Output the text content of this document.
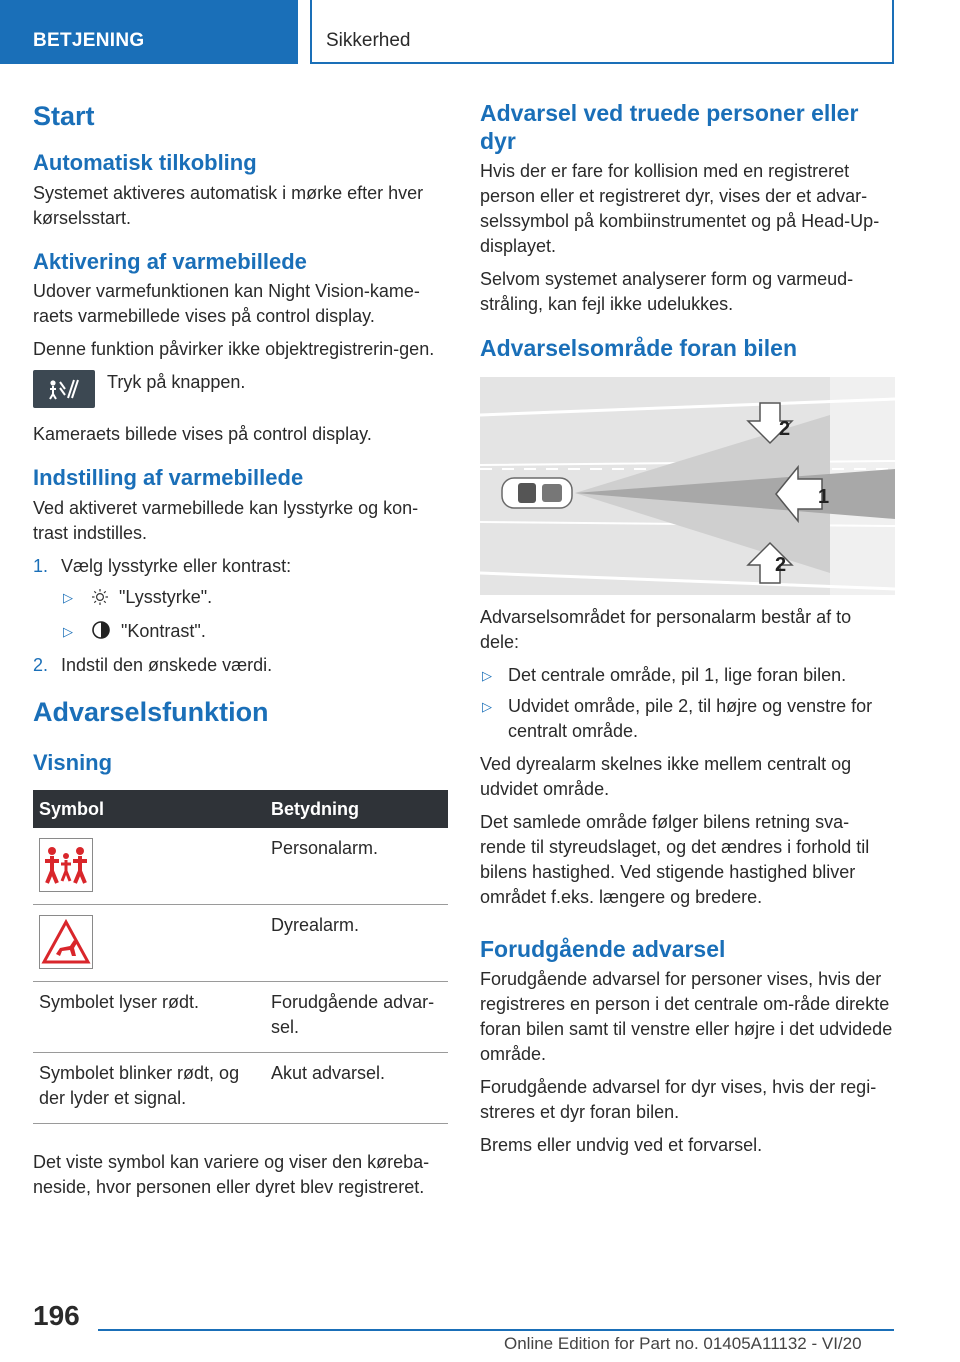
BETJENING	Sikkerhed
Start
Automatisk tilkobling

Systemet aktiveres automatisk i mørke efter hver kørselsstart.

Aktivering af varmebillede

Udover varmefunktionen kan Night Vision-kame-raets varmebillede vises på control display.

Denne funktion påvirker ikke objektregistrerin-gen.

Tryk på knappen.

Kameraets billede vises på control display.

Indstilling af varmebillede

Ved aktiveret varmebillede kan lysstyrke og kon-trast indstilles.

1. Vælg lysstyrke eller kontrast:
▷	"Lysstyrke".
▷	"Kontrast".
2. Indstil den ønskede værdi.
Advarselsfunktion
Visning
Symbol	Betydning

	Personalarm.

	Dyrealarm.
Symbolet lyser rødt.	Forudgående advar-sel.
Symbolet blinker rødt, og der lyder et signal.	Akut advarsel.

Det viste symbol kan variere og viser den køreba-neside, hvor personen eller dyret blev registreret.

Advarsel ved truede personer eller dyr

Hvis der er fare for kollision med en registreret person eller et registreret dyr, vises der et advar-selssymbol på kombiinstrumentet og på Head-Up-displayet.

Selvom systemet analyserer form og varmeud-stråling, kan fejl ikke udelukkes.

Advarselsområde foran bilen
2
1
2

Advarselsområdet for personalarm består af to dele:

▷ Det centrale område, pil 1, lige foran bilen.
▷ Udvidet område, pile 2, til højre og venstre for centralt område.

Ved dyrealarm skelnes ikke mellem centralt og udvidet område.

Det samlede område følger bilens retning sva-rende til styreudslaget, og det ændres i forhold til bilens hastighed. Ved stigende hastighed bliver området f.eks. længere og bredere.

Forudgående advarsel

Forudgående advarsel for personer vises, hvis der registreres en person i det centrale om-råde direkte foran bilen samt til venstre eller højre i det udvidede område.

Forudgående advarsel for dyr vises, hvis der regi-streres et dyr foran bilen.

Brems eller undvig ved et forvarsel.

196
Online Edition for Part no. 01405A11132 - VI/20
